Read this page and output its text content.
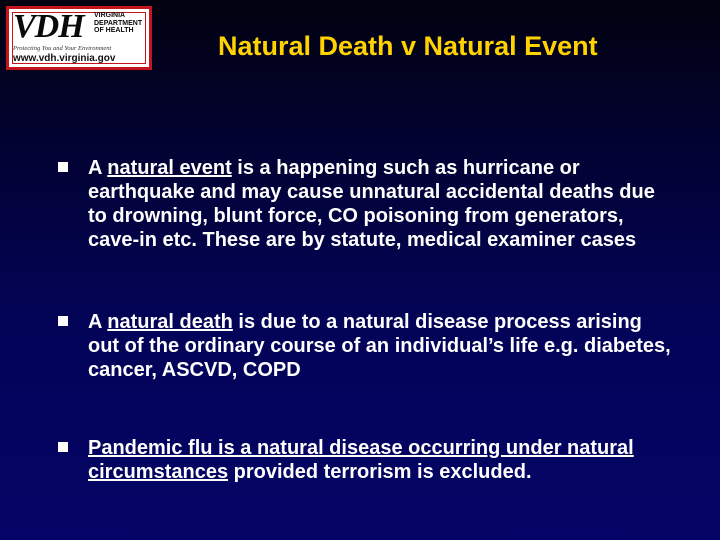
VDH VIRGINIA DEPARTMENT OF HEALTH
Protecting You and Your Environment
www.vdh.virginia.gov	Natural Death v Natural Event
A natural event is a happening such as hurricane or earthquake and may cause unnatural accidental deaths due to drowning, blunt force, CO poisoning from generators, cave-in etc. These are by statute, medical examiner cases
A natural death is due to a natural disease process arising out of the ordinary course of an individual’s life e.g. diabetes, cancer, ASCVD, COPD
Pandemic flu is a natural disease occurring under natural circumstances provided terrorism is excluded.
